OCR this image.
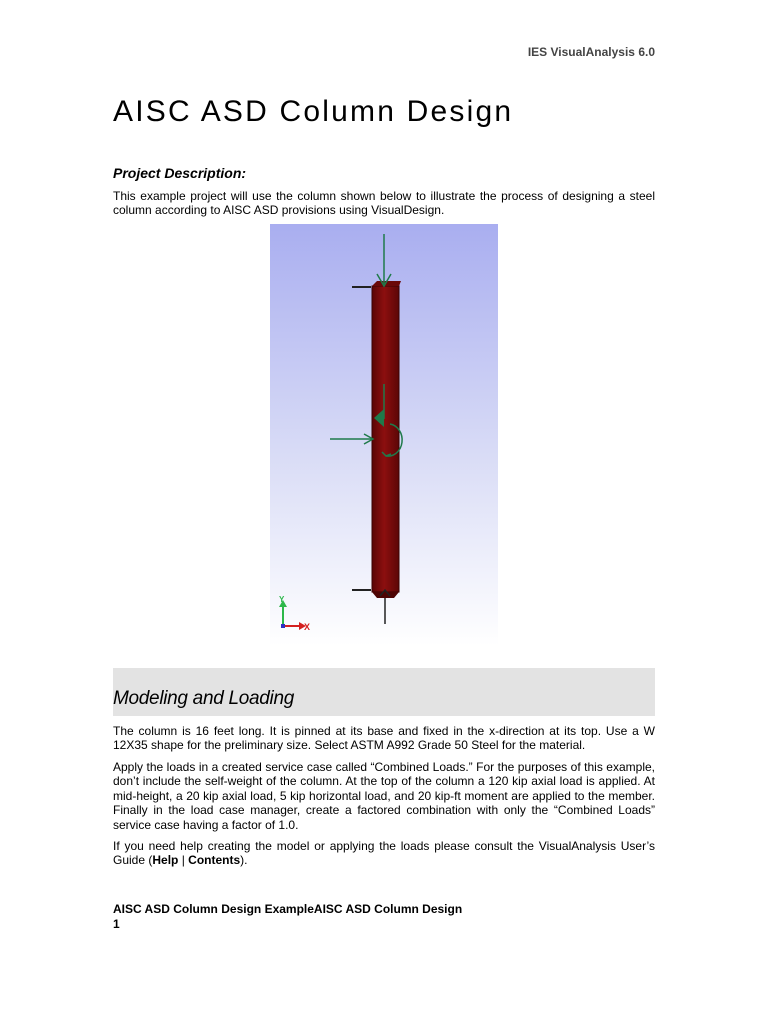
IES VisualAnalysis 6.0
AISC ASD Column Design
Project Description:
This example project will use the column shown below to illustrate the process of designing a steel column according to AISC ASD provisions using VisualDesign.
Y
X
Modeling and Loading
The column is 16 feet long. It is pinned at its base and fixed in the x-direction at its top. Use a W 12X35 shape for the preliminary size. Select ASTM A992 Grade 50 Steel for the material.
Apply the loads in a created service case called “Combined Loads.” For the purposes of this example, don’t include the self-weight of the column. At the top of the column a 120 kip axial load is applied. At mid-height, a 20 kip axial load, 5 kip horizontal load, and 20 kip-ft moment are applied to the member. Finally in the load case manager, create a factored combination with only the “Combined Loads” service case having a factor of 1.0.
If you need help creating the model or applying the loads please consult the VisualAnalysis User’s Guide (Help | Contents).
AISC ASD Column Design ExampleAISC ASD Column Design
1
